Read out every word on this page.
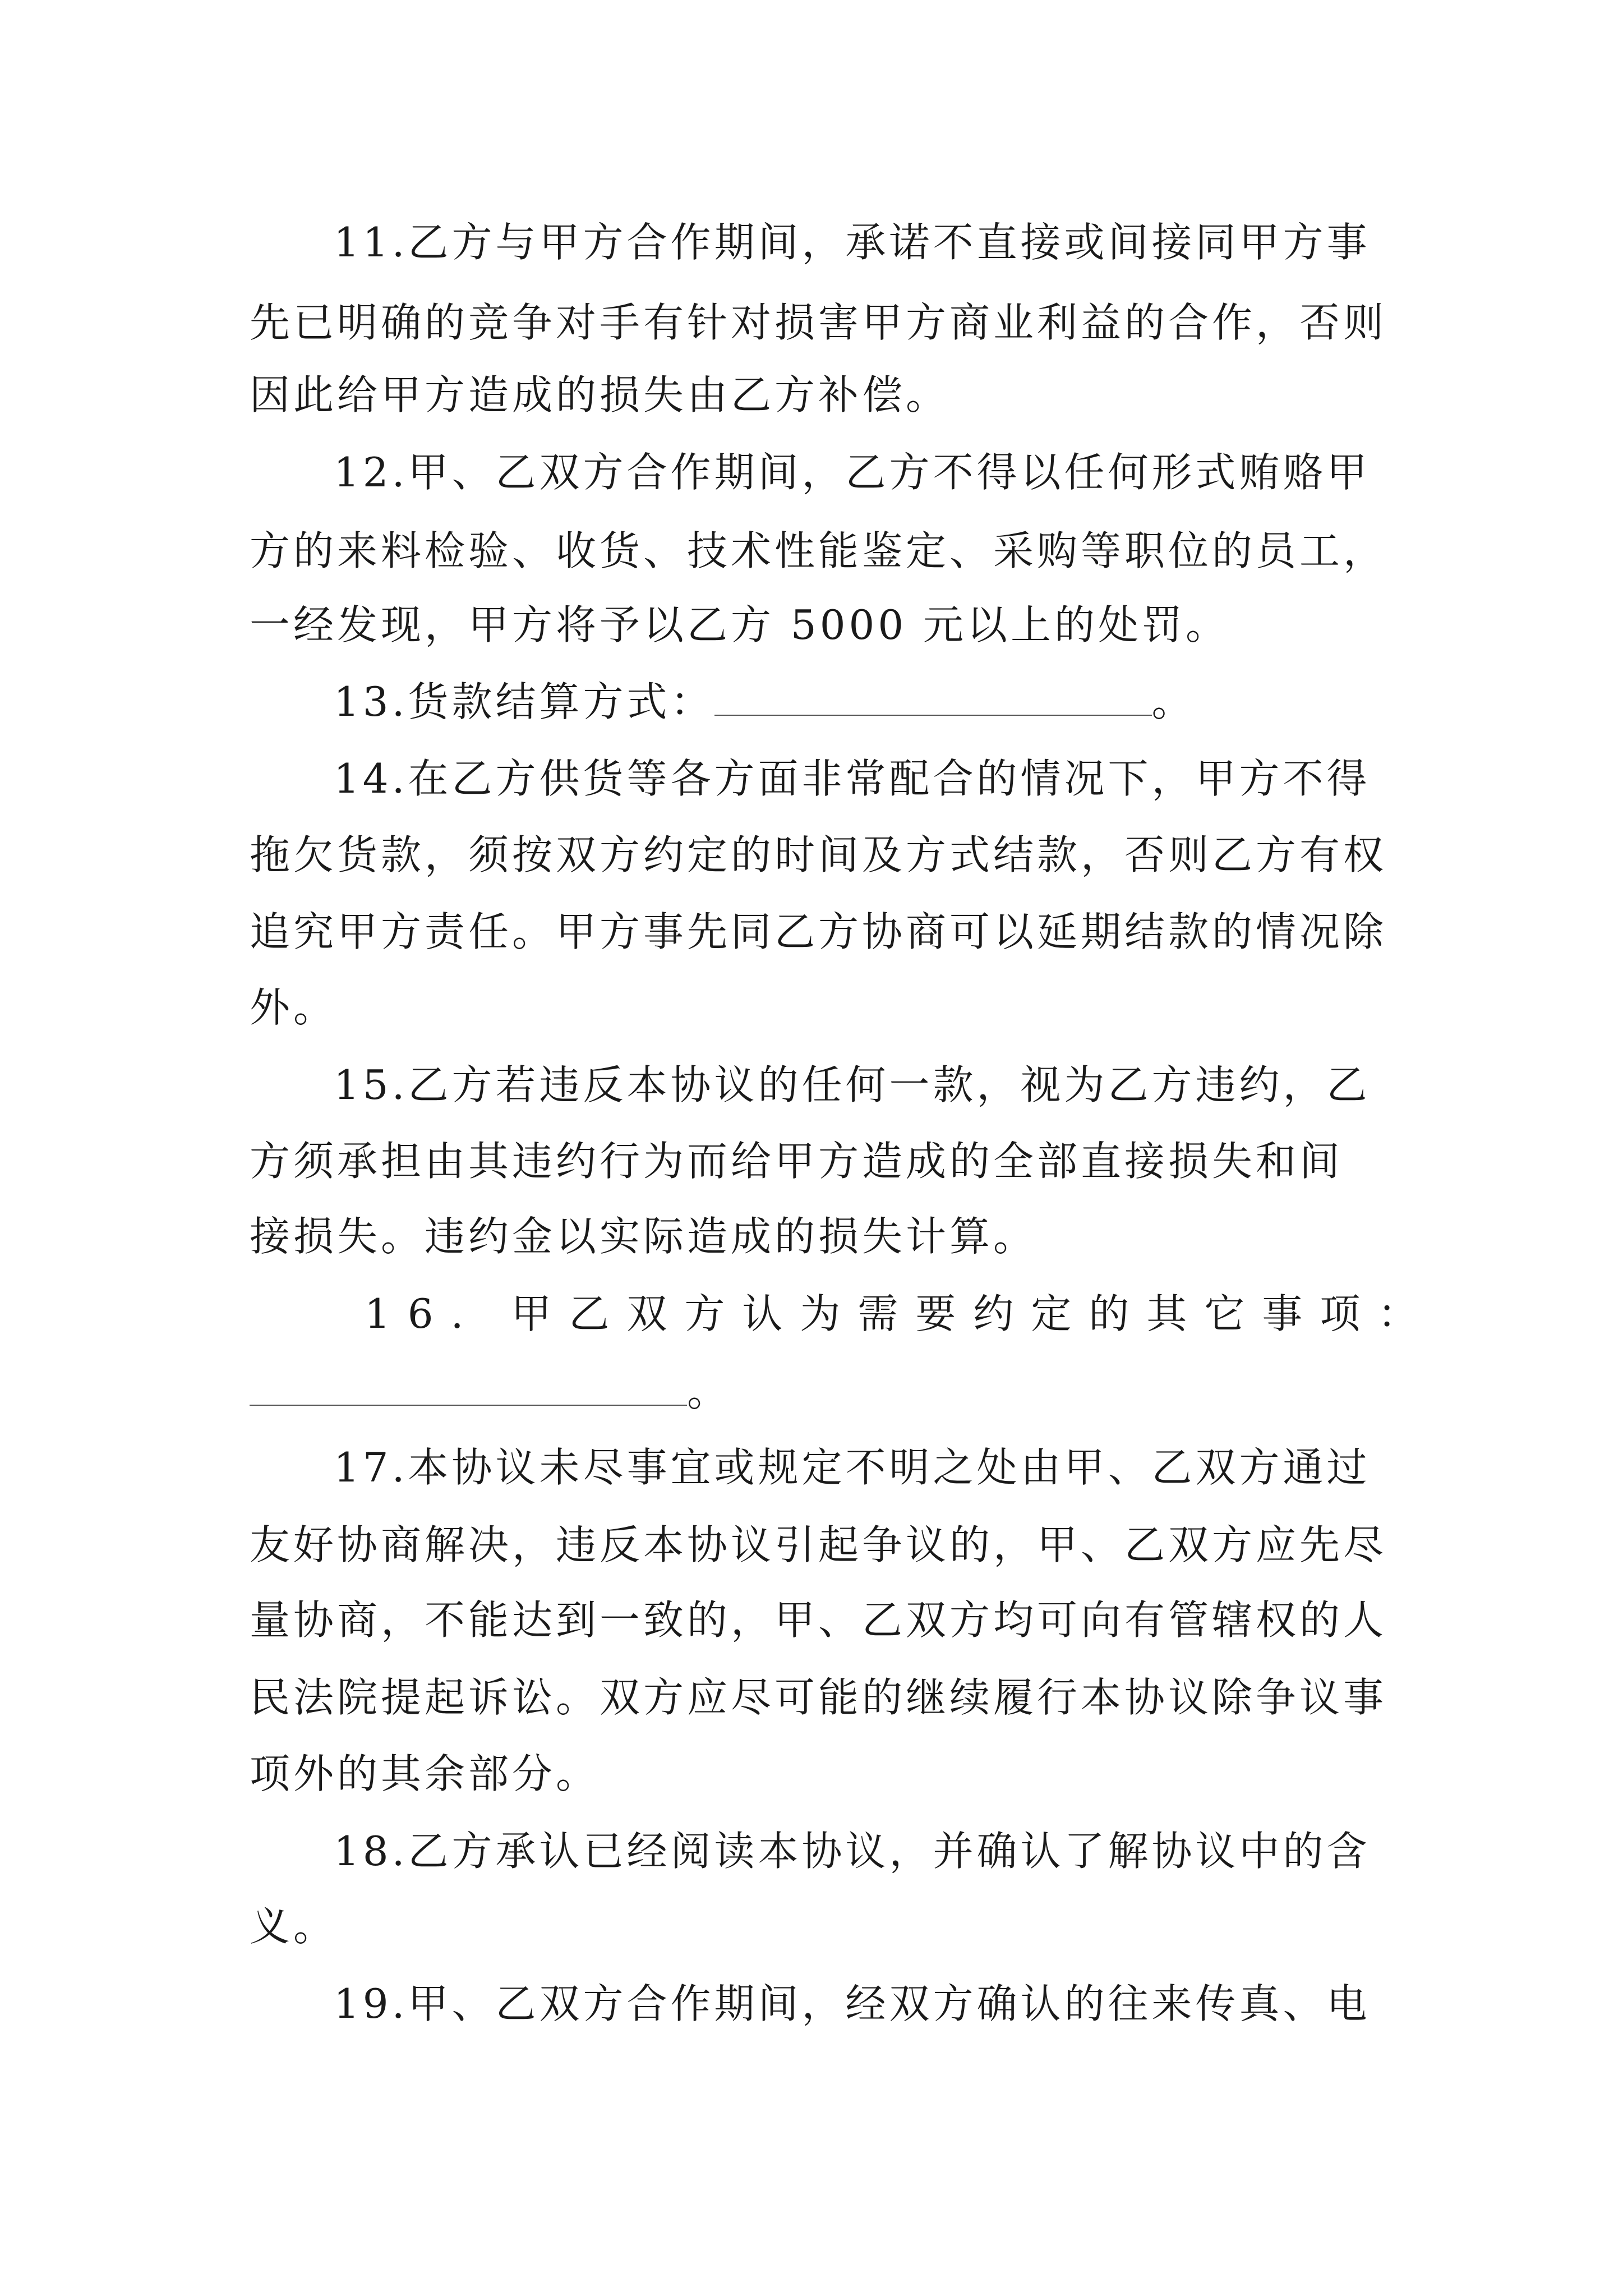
11.乙方与甲方合作期间，承诺不直接或间接同甲方事
先已明确的竞争对手有针对损害甲方商业利益的合作，否则
因此给甲方造成的损失由乙方补偿。
12.甲、乙双方合作期间，乙方不得以任何形式贿赂甲
方的来料检验、收货、技术性能鉴定、采购等职位的员工，
一经发现，甲方将予以乙方 5000 元以上的处罚。
13.货款结算方式：	。
14.在乙方供货等各方面非常配合的情况下，甲方不得
拖欠货款，须按双方约定的时间及方式结款，否则乙方有权
追究甲方责任。甲方事先同乙方协商可以延期结款的情况除
外。
15.乙方若违反本协议的任何一款，视为乙方违约，乙
方须承担由其违约行为而给甲方造成的全部直接损失和间
接损失。违约金以实际造成的损失计算。
16. 甲乙双方认为需要约定的其它事项：
。
17.本协议未尽事宜或规定不明之处由甲、乙双方通过
友好协商解决，违反本协议引起争议的，甲、乙双方应先尽
量协商，不能达到一致的，甲、乙双方均可向有管辖权的人
民法院提起诉讼。双方应尽可能的继续履行本协议除争议事
项外的其余部分。
18.乙方承认已经阅读本协议，并确认了解协议中的含
义。
19.甲、乙双方合作期间，经双方确认的往来传真、电
